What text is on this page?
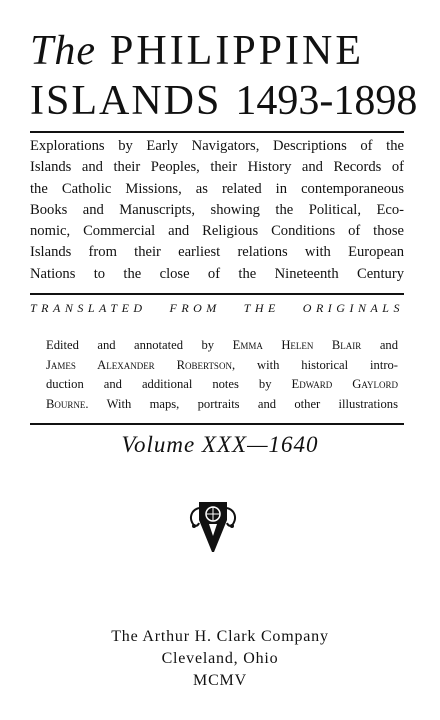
The PHILIPPINE
ISLANDS 1493-1898
Explorations by Early Navigators, Descriptions of the
Islands and their Peoples, their History and Records of
the Catholic Missions, as related in contemporaneous
Books and Manuscripts, showing the Political, Eco-
nomic, Commercial and Religious Conditions of those
Islands from their earliest relations with European
Nations to the close of the Nineteenth Century
TRANSLATED FROM THE ORIGINALS
Edited and annotated by Emma Helen Blair and
James Alexander Robertson, with historical intro-
duction and additional notes by Edward Gaylord
Bourne. With maps, portraits and other illustrations
Volume XXX—1640
The Arthur H. Clark Company
Cleveland, Ohio
MCMV
